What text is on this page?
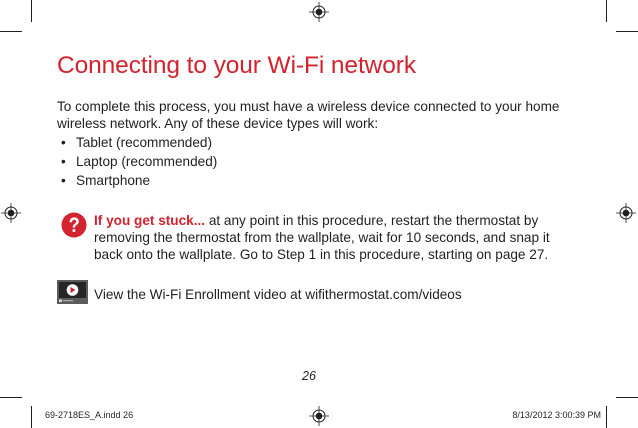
Connecting to your Wi-Fi network
To complete this process, you must have a wireless device connected to your home wireless network. Any of these device types will work:
• Tablet (recommended)
• Laptop (recommended)
• Smartphone
If you get stuck... at any point in this procedure, restart the thermostat by removing the thermostat from the wallplate, wait for 10 seconds, and snap it back onto the wallplate. Go to Step 1 in this procedure, starting on page 27.
View the Wi-Fi Enrollment video at wifithermostat.com/videos
26
69-2718ES_A.indd 26	8/13/2012 3:00:39 PM
